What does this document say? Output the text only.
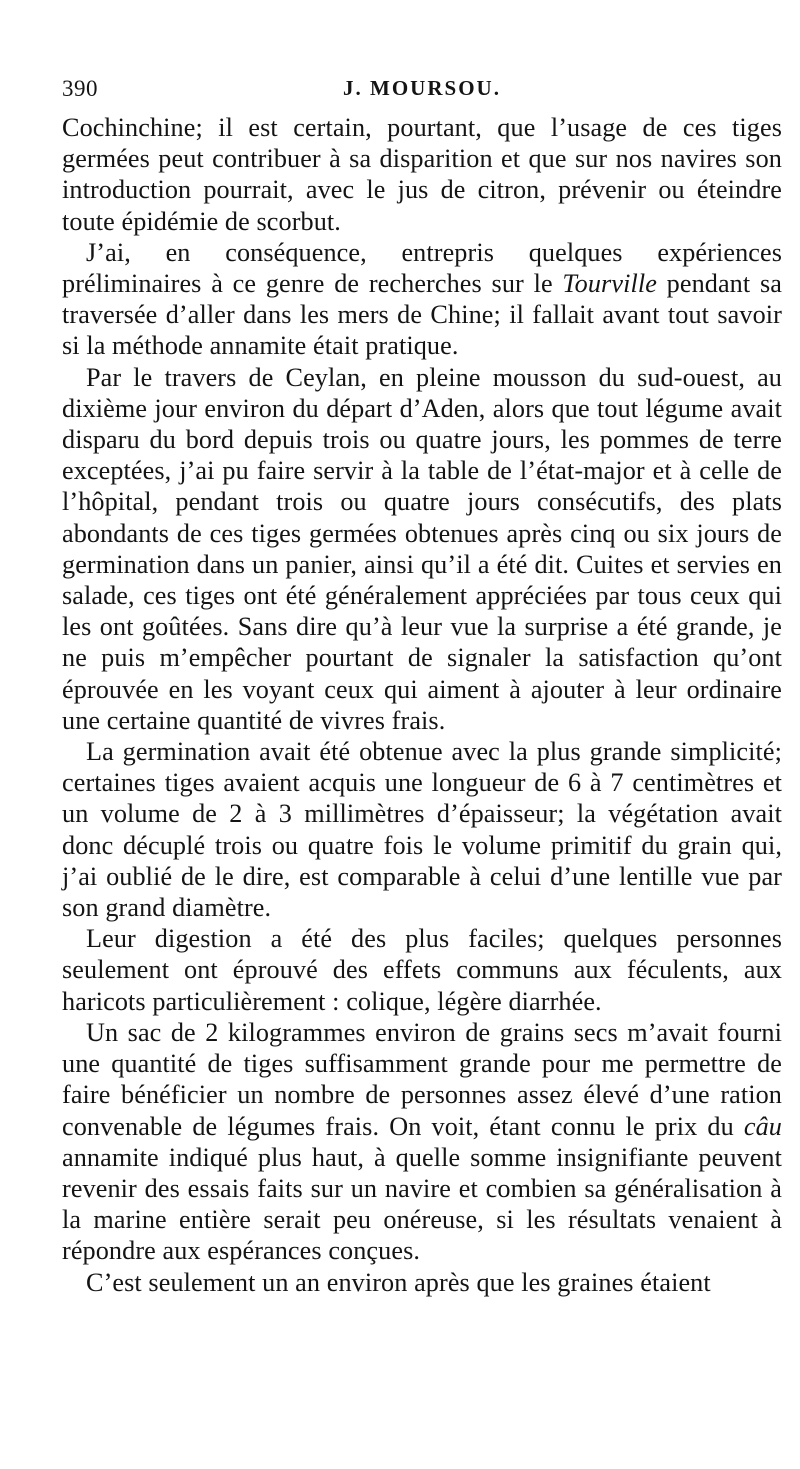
390	J. MOURSOU.

Cochinchine; il est certain, pourtant, que l’usage de ces tiges germées peut contribuer à sa disparition et que sur nos navires son introduction pourrait, avec le jus de citron, prévenir ou éteindre toute épidémie de scorbut.

J’ai, en conséquence, entrepris quelques expériences préliminaires à ce genre de recherches sur le Tourville pendant sa traversée d’aller dans les mers de Chine; il fallait avant tout savoir si la méthode annamite était pratique.

Par le travers de Ceylan, en pleine mousson du sud-ouest, au dixième jour environ du départ d’Aden, alors que tout légume avait disparu du bord depuis trois ou quatre jours, les pommes de terre exceptées, j’ai pu faire servir à la table de l’état-major et à celle de l’hôpital, pendant trois ou quatre jours consécutifs, des plats abondants de ces tiges germées obtenues après cinq ou six jours de germination dans un panier, ainsi qu’il a été dit. Cuites et servies en salade, ces tiges ont été généralement appréciées par tous ceux qui les ont goûtées. Sans dire qu’à leur vue la surprise a été grande, je ne puis m’empêcher pourtant de signaler la satisfaction qu’ont éprouvée en les voyant ceux qui aiment à ajouter à leur ordinaire une certaine quantité de vivres frais.

La germination avait été obtenue avec la plus grande simplicité; certaines tiges avaient acquis une longueur de 6 à 7 centimètres et un volume de 2 à 3 millimètres d’épaisseur; la végétation avait donc décuplé trois ou quatre fois le volume primitif du grain qui, j’ai oublié de le dire, est comparable à celui d’une lentille vue par son grand diamètre.

Leur digestion a été des plus faciles; quelques personnes seulement ont éprouvé des effets communs aux féculents, aux haricots particulièrement : colique, légère diarrhée.

Un sac de 2 kilogrammes environ de grains secs m’avait fourni une quantité de tiges suffisamment grande pour me permettre de faire bénéficier un nombre de personnes assez élevé d’une ration convenable de légumes frais. On voit, étant connu le prix du câu annamite indiqué plus haut, à quelle somme insignifiante peuvent revenir des essais faits sur un navire et combien sa généralisation à la marine entière serait peu onéreuse, si les résultats venaient à répondre aux espérances conçues.

C’est seulement un an environ après que les graines étaient
